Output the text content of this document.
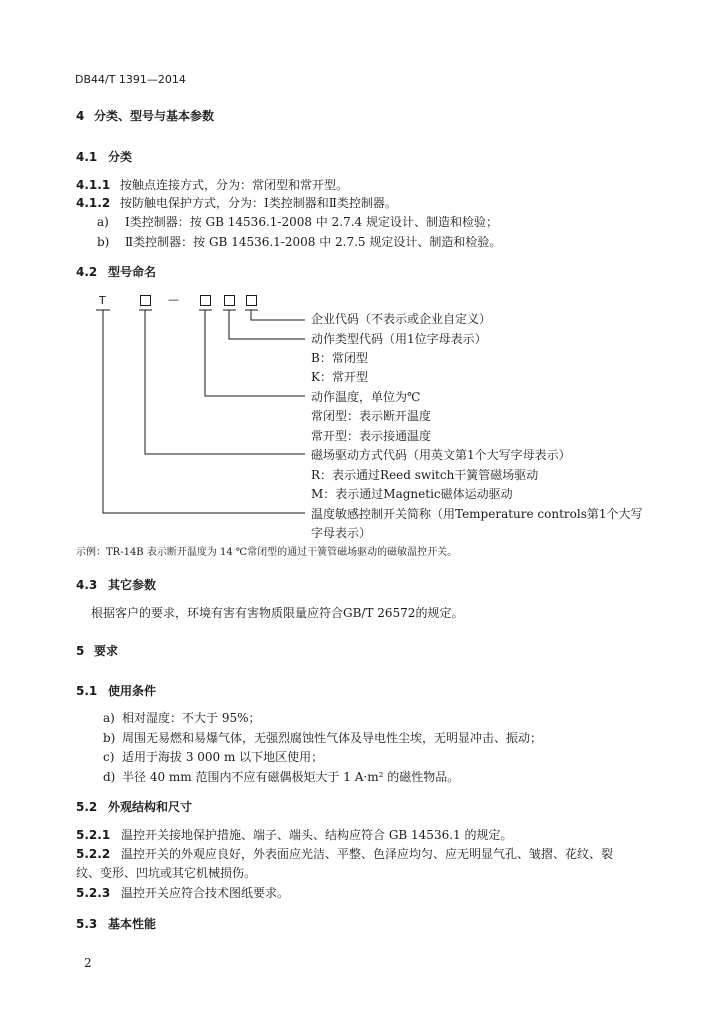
DB44/T 1391—2014
4 分类、型号与基本参数
4.1 分类
4.1.1 按触点连接方式，分为：常闭型和常开型。
4.1.2 按防触电保护方式，分为：Ⅰ类控制器和Ⅱ类控制器。
a) Ⅰ类控制器：按 GB 14536.1-2008 中 2.7.4 规定设计、制造和检验；
b) Ⅱ类控制器：按 GB 14536.1-2008 中 2.7.5 规定设计、制造和检验。
4.2 型号命名
T	—
企业代码（不表示或企业自定义）
动作类型代码（用1位字母表示）
B：常闭型
K：常开型
动作温度，单位为℃
常闭型：表示断开温度
常开型：表示接通温度
磁场驱动方式代码（用英文第1个大写字母表示）
R：表示通过Reed switch干簧管磁场驱动
M：表示通过Magnetic磁体运动驱动
温度敏感控制开关简称（用Temperature controls第1个大写
字母表示）
示例：TR-14B 表示断开温度为 14 ℃常闭型的通过干簧管磁场驱动的磁敏温控开关。
4.3 其它参数
根据客户的要求，环境有害有害物质限量应符合GB/T 26572的规定。
5 要求
5.1 使用条件
a) 相对湿度：不大于 95%；
b) 周围无易燃和易爆气体，无强烈腐蚀性气体及导电性尘埃，无明显冲击、振动；
c) 适用于海拔 3 000 m 以下地区使用；
d) 半径 40 mm 范围内不应有磁偶极矩大于 1 A·m² 的磁性物品。
5.2 外观结构和尺寸
5.2.1 温控开关接地保护措施、端子、端头、结构应符合 GB 14536.1 的规定。
5.2.2 温控开关的外观应良好，外表面应光洁、平整、色泽应均匀、应无明显气孔、皱摺、花纹、裂
纹、变形、凹坑或其它机械损伤。
5.2.3 温控开关应符合技术图纸要求。
5.3 基本性能
2
